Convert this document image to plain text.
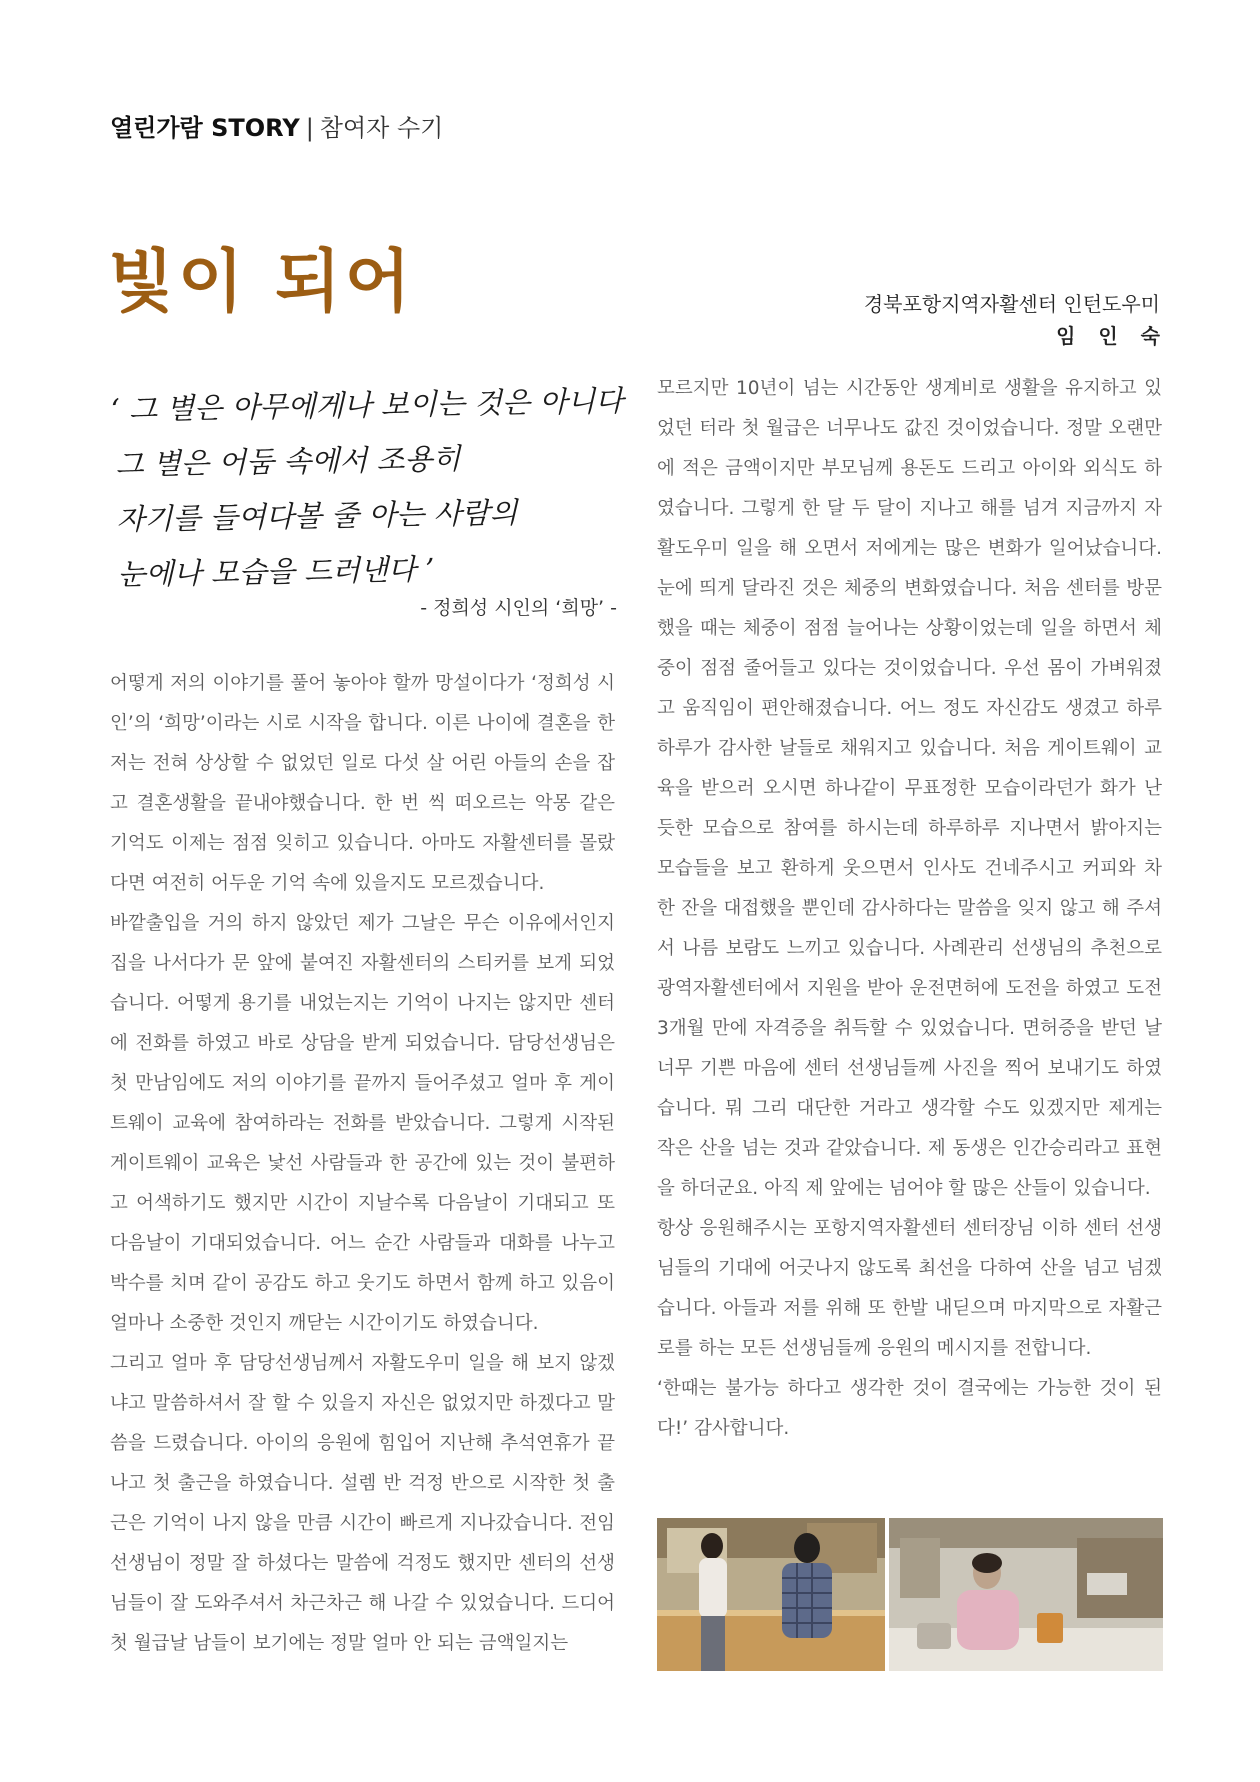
열린가람 STORY | 참여자 수기
빛이 되어	경북포항지역자활센터 인턴도우미
임 인 숙
‘ 그 별은 아무에게나 보이는 것은 아니다
그 별은 어둠 속에서 조용히
자기를 들여다볼 줄 아는 사람의
눈에나 모습을 드러낸다 ’
- 정희성 시인의 ‘희망’ -

어떻게 저의 이야기를 풀어 놓아야 할까 망설이다가 ‘정희성 시인’의 ‘희망’이라는 시로 시작을 합니다. 이른 나이에 결혼을 한 저는 전혀 상상할 수 없었던 일로 다섯 살 어린 아들의 손을 잡고 결혼생활을 끝내야했습니다. 한 번 씩 떠오르는 악몽 같은 기억도 이제는 점점 잊히고 있습니다. 아마도 자활센터를 몰랐다면 여전히 어두운 기억 속에 있을지도 모르겠습니다.

바깥출입을 거의 하지 않았던 제가 그날은 무슨 이유에서인지 집을 나서다가 문 앞에 붙여진 자활센터의 스티커를 보게 되었습니다. 어떻게 용기를 내었는지는 기억이 나지는 않지만 센터에 전화를 하였고 바로 상담을 받게 되었습니다. 담당선생님은 첫 만남임에도 저의 이야기를 끝까지 들어주셨고 얼마 후 게이트웨이 교육에 참여하라는 전화를 받았습니다. 그렇게 시작된 게이트웨이 교육은 낯선 사람들과 한 공간에 있는 것이 불편하고 어색하기도 했지만 시간이 지날수록 다음날이 기대되고 또 다음날이 기대되었습니다. 어느 순간 사람들과 대화를 나누고 박수를 치며 같이 공감도 하고 웃기도 하면서 함께 하고 있음이 얼마나 소중한 것인지 깨닫는 시간이기도 하였습니다.

그리고 얼마 후 담당선생님께서 자활도우미 일을 해 보지 않겠냐고 말씀하셔서 잘 할 수 있을지 자신은 없었지만 하겠다고 말씀을 드렸습니다. 아이의 응원에 힘입어 지난해 추석연휴가 끝나고 첫 출근을 하였습니다. 설렘 반 걱정 반으로 시작한 첫 출근은 기억이 나지 않을 만큼 시간이 빠르게 지나갔습니다. 전임 선생님이 정말 잘 하셨다는 말씀에 걱정도 했지만 센터의 선생님들이 잘 도와주셔서 차근차근 해 나갈 수 있었습니다. 드디어 첫 월급날 남들이 보기에는 정말 얼마 안 되는 금액일지는

모르지만 10년이 넘는 시간동안 생계비로 생활을 유지하고 있었던 터라 첫 월급은 너무나도 값진 것이었습니다. 정말 오랜만에 적은 금액이지만 부모님께 용돈도 드리고 아이와 외식도 하였습니다. 그렇게 한 달 두 달이 지나고 해를 넘겨 지금까지 자활도우미 일을 해 오면서 저에게는 많은 변화가 일어났습니다. 눈에 띄게 달라진 것은 체중의 변화였습니다. 처음 센터를 방문 했을 때는 체중이 점점 늘어나는 상황이었는데 일을 하면서 체중이 점점 줄어들고 있다는 것이었습니다. 우선 몸이 가벼워졌고 움직임이 편안해졌습니다. 어느 정도 자신감도 생겼고 하루하루가 감사한 날들로 채워지고 있습니다. 처음 게이트웨이 교육을 받으러 오시면 하나같이 무표정한 모습이라던가 화가 난 듯한 모습으로 참여를 하시는데 하루하루 지나면서 밝아지는 모습들을 보고 환하게 웃으면서 인사도 건네주시고 커피와 차 한 잔을 대접했을 뿐인데 감사하다는 말씀을 잊지 않고 해 주셔서 나름 보람도 느끼고 있습니다. 사례관리 선생님의 추천으로 광역자활센터에서 지원을 받아 운전면허에 도전을 하였고 도전 3개월 만에 자격증을 취득할 수 있었습니다. 면허증을 받던 날 너무 기쁜 마음에 센터 선생님들께 사진을 찍어 보내기도 하였습니다. 뭐 그리 대단한 거라고 생각할 수도 있겠지만 제게는 작은 산을 넘는 것과 같았습니다. 제 동생은 인간승리라고 표현을 하더군요. 아직 제 앞에는 넘어야 할 많은 산들이 있습니다.

항상 응원해주시는 포항지역자활센터 센터장님 이하 센터 선생님들의 기대에 어긋나지 않도록 최선을 다하여 산을 넘고 넘겠습니다. 아들과 저를 위해 또 한발 내딛으며 마지막으로 자활근로를 하는 모든 선생님들께 응원의 메시지를 전합니다.

‘한때는 불가능 하다고 생각한 것이 결국에는 가능한 것이 된다!’ 감사합니다.
